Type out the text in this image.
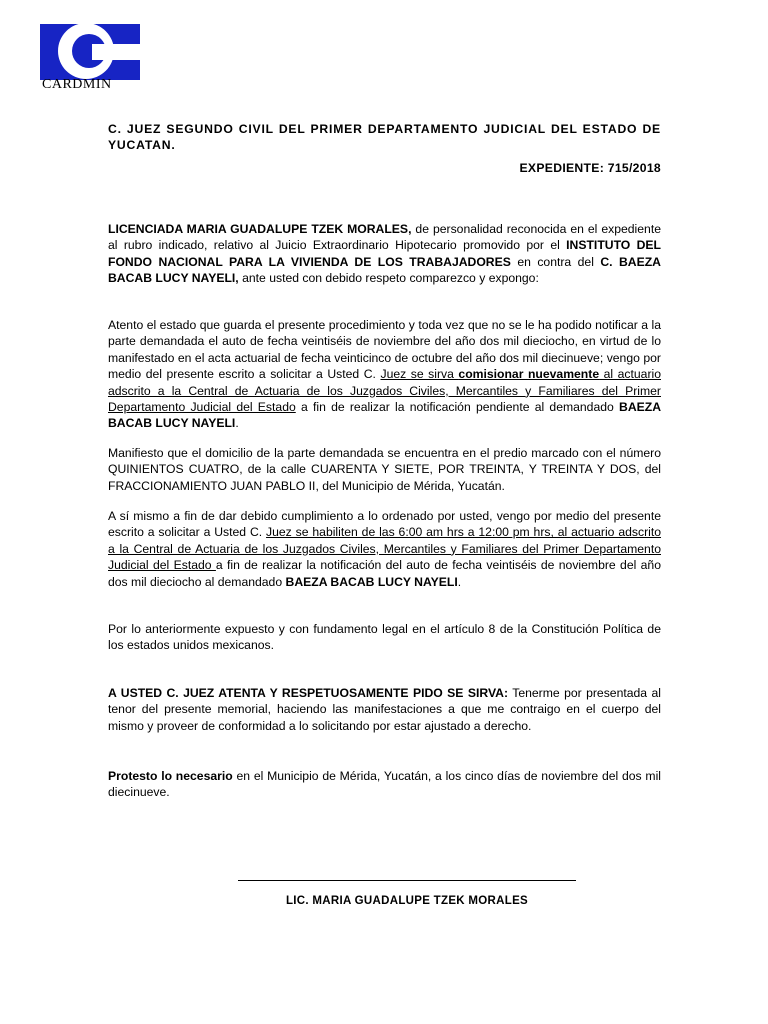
CARDMIN
C. JUEZ SEGUNDO CIVIL DEL PRIMER DEPARTAMENTO JUDICIAL DEL ESTADO DE YUCATAN.
EXPEDIENTE: 715/2018

LICENCIADA MARIA GUADALUPE TZEK MORALES, de personalidad reconocida en el expediente al rubro indicado, relativo al Juicio Extraordinario Hipotecario promovido por el INSTITUTO DEL FONDO NACIONAL PARA LA VIVIENDA DE LOS TRABAJADORES en contra del C. BAEZA BACAB LUCY NAYELI, ante usted con debido respeto comparezco y expongo:

Atento el estado que guarda el presente procedimiento y toda vez que no se le ha podido notificar a la parte demandada el auto de fecha veintiséis de noviembre del año dos mil dieciocho, en virtud de lo manifestado en el acta actuarial de fecha veinticinco de octubre del año dos mil diecinueve; vengo por medio del presente escrito a solicitar a Usted C. Juez se sirva comisionar nuevamente al actuario adscrito a la Central de Actuaria de los Juzgados Civiles, Mercantiles y Familiares del Primer Departamento Judicial del Estado a fin de realizar la notificación pendiente al demandado BAEZA BACAB LUCY NAYELI.

Manifiesto que el domicilio de la parte demandada se encuentra en el predio marcado con el número QUINIENTOS CUATRO, de la calle CUARENTA Y SIETE, POR TREINTA, Y TREINTA Y DOS, del FRACCIONAMIENTO JUAN PABLO II, del Municipio de Mérida, Yucatán.

A sí mismo a fin de dar debido cumplimiento a lo ordenado por usted, vengo por medio del presente escrito a solicitar a Usted C. Juez se habiliten de las 6:00 am hrs a 12:00 pm hrs, al actuario adscrito a la Central de Actuaria de los Juzgados Civiles, Mercantiles y Familiares del Primer Departamento Judicial del Estado a fin de realizar la notificación del auto de fecha veintiséis de noviembre del año dos mil dieciocho al demandado BAEZA BACAB LUCY NAYELI.

Por lo anteriormente expuesto y con fundamento legal en el artículo 8 de la Constitución Política de los estados unidos mexicanos.

A USTED C. JUEZ ATENTA Y RESPETUOSAMENTE PIDO SE SIRVA: Tenerme por presentada al tenor del presente memorial, haciendo las manifestaciones a que me contraigo en el cuerpo del mismo y proveer de conformidad a lo solicitando por estar ajustado a derecho.

Protesto lo necesario en el Municipio de Mérida, Yucatán, a los cinco días de noviembre del dos mil diecinueve.

LIC. MARIA GUADALUPE TZEK MORALES
